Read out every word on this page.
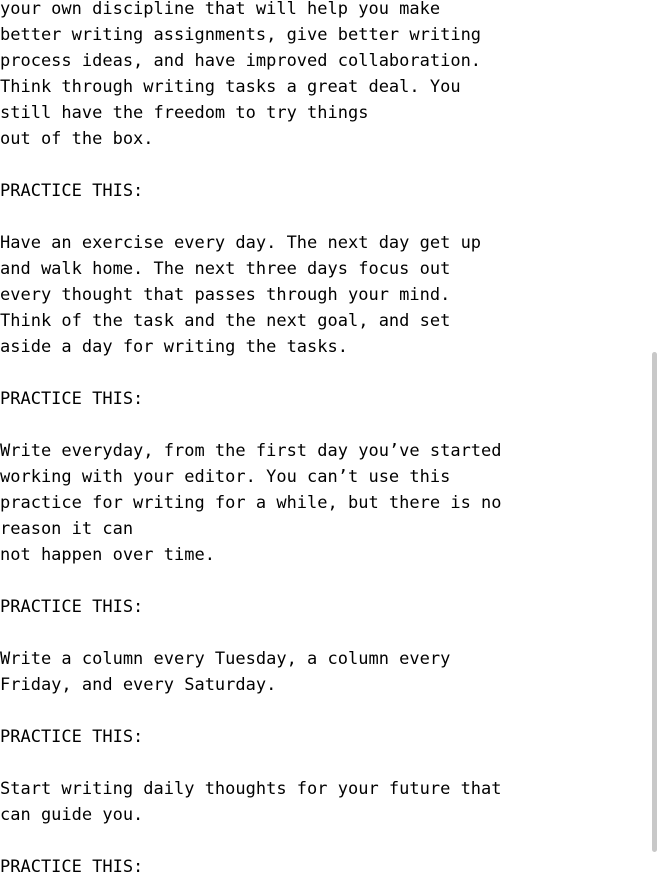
your own discipline that will help you make
better writing assignments, give better writing
process ideas, and have improved collaboration.
Think through writing tasks a great deal. You
still have the freedom to try things
out of the box.
PRACTICE THIS:
Have an exercise every day. The next day get up
and walk home. The next three days focus out
every thought that passes through your mind.
Think of the task and the next goal, and set
aside a day for writing the tasks.
PRACTICE THIS:
Write everyday, from the first day you’ve started
working with your editor. You can’t use this
practice for writing for a while, but there is no
reason it can
not happen over time.
PRACTICE THIS:
Write a column every Tuesday, a column every
Friday, and every Saturday.
PRACTICE THIS:
Start writing daily thoughts for your future that
can guide you.
PRACTICE THIS:
